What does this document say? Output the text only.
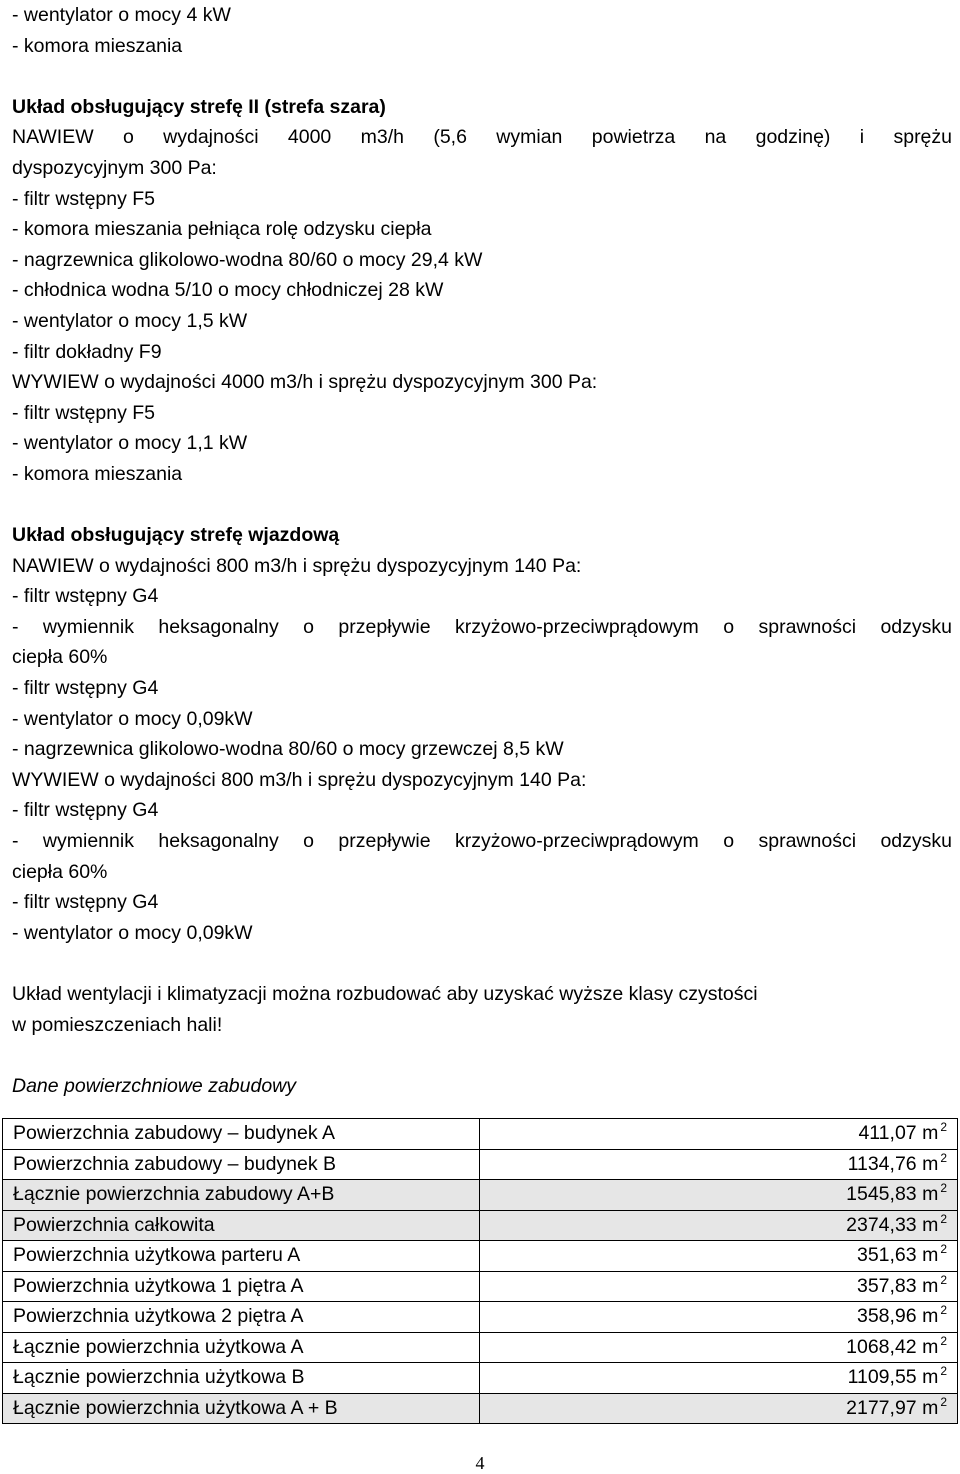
- wentylator o mocy 4 kW
- komora mieszania
Układ obsługujący strefę II (strefa szara)
NAWIEW o wydajności 4000 m3/h (5,6 wymian powietrza na godzinę) i sprężu
dyspozycyjnym 300 Pa:
- filtr wstępny F5
- komora mieszania pełniąca rolę odzysku ciepła
- nagrzewnica glikolowo-wodna 80/60 o mocy 29,4 kW
- chłodnica wodna 5/10 o mocy chłodniczej 28 kW
- wentylator o mocy 1,5 kW
- filtr dokładny F9
WYWIEW o wydajności 4000 m3/h i sprężu dyspozycyjnym 300 Pa:
- filtr wstępny F5
- wentylator o mocy 1,1 kW
- komora mieszania
Układ obsługujący strefę wjazdową
NAWIEW o wydajności 800 m3/h i sprężu dyspozycyjnym 140 Pa:
- filtr wstępny G4
- wymiennik heksagonalny o przepływie krzyżowo-przeciwprądowym o sprawności odzysku
ciepła 60%
- filtr wstępny G4
- wentylator o mocy 0,09kW
- nagrzewnica glikolowo-wodna 80/60 o mocy grzewczej 8,5 kW
WYWIEW o wydajności 800 m3/h i sprężu dyspozycyjnym 140 Pa:
- filtr wstępny G4
- wymiennik heksagonalny o przepływie krzyżowo-przeciwprądowym o sprawności odzysku
ciepła 60%
- filtr wstępny G4
- wentylator o mocy 0,09kW
Układ wentylacji i klimatyzacji można rozbudować aby uzyskać wyższe klasy czystości
w pomieszczeniach hali!
Dane powierzchniowe zabudowy
Powierzchnia zabudowy – budynek A	411,07 m $^2$
Powierzchnia zabudowy – budynek B	1134,76 m $^2$
Łącznie powierzchnia zabudowy A+B	1545,83 m $^2$
Powierzchnia całkowita	2374,33 m $^2$
Powierzchnia użytkowa parteru A	351,63 m $^2$
Powierzchnia użytkowa 1 piętra A	357,83 m $^2$
Powierzchnia użytkowa 2 piętra A	358,96 m $^2$
Łącznie powierzchnia użytkowa A	1068,42 m $^2$
Łącznie powierzchnia użytkowa B	1109,55 m $^2$
Łącznie powierzchnia użytkowa A + B	2177,97 m $^2$
4
